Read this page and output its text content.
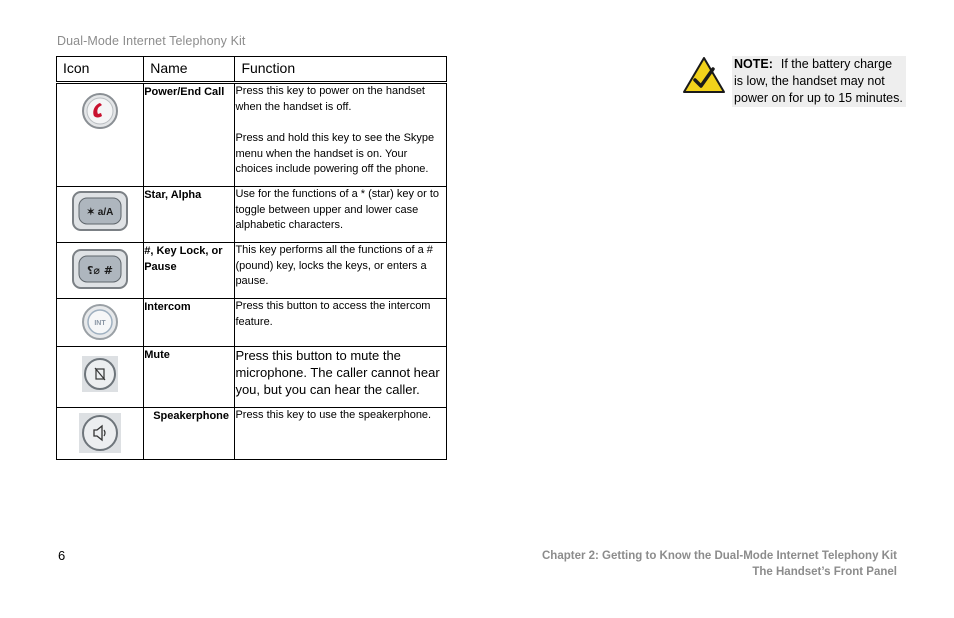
Dual-Mode Internet Telephony Kit
Icon	Name	Function
	Power/End Call	Press this key to power on the handset when the handset is off.
Press and hold this key to see the Skype menu when the handset is on. Your choices include powering off the phone.

✶ a/A	Star, Alpha	Use for the functions of a * (star) key or to toggle between upper and lower case alphabetic characters.

⸮⌀ #	#, Key Lock, or Pause	This key performs all the functions of a # (pound) key, locks the keys, or enters a pause.

INT	Intercom	Press this button to access the intercom feature.
	Mute	Press this button to mute the microphone. The caller cannot hear you, but you can hear the caller.
	Speakerphone	Press this key to use the speakerphone.
NOTE: If the battery charge is low, the handset may not power on for up to 15 minutes.
6	Chapter 2: Getting to Know the Dual-Mode Internet Telephony Kit
The Handset’s Front Panel
